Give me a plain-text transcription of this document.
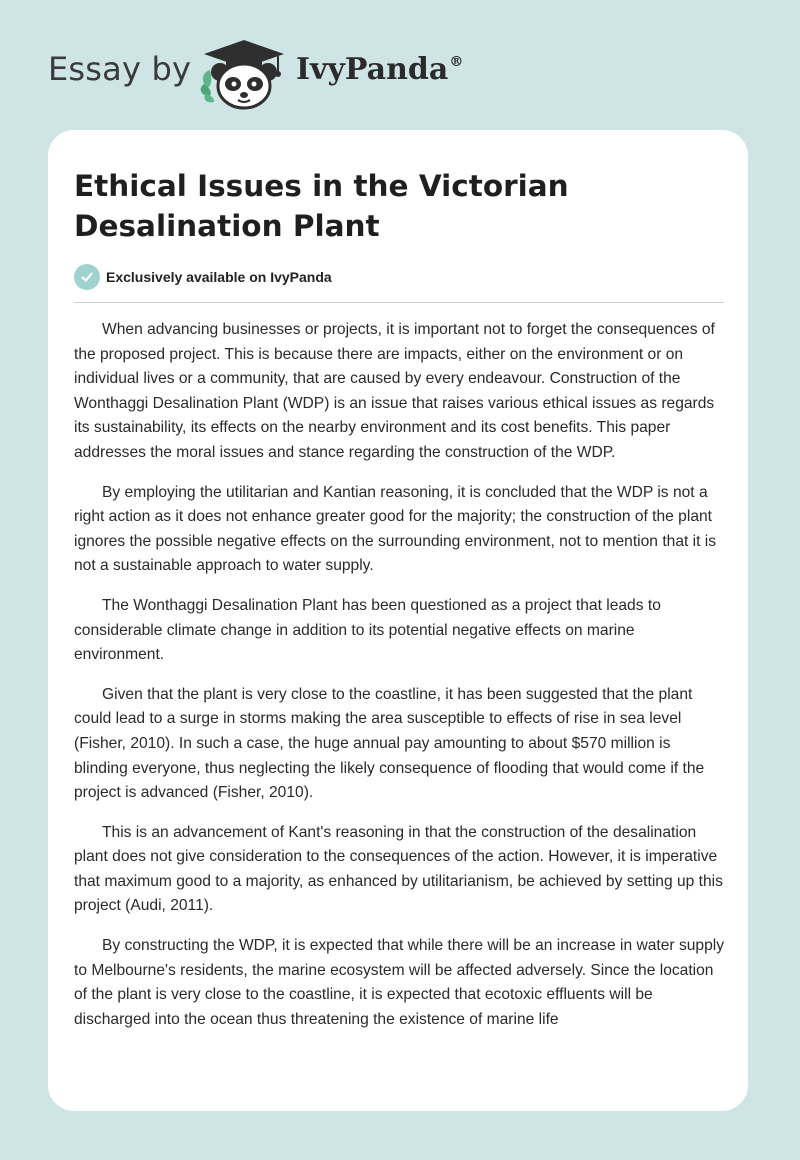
Essay by	IvyPanda®
Ethical Issues in the Victorian Desalination Plant
Exclusively available on IvyPanda

When advancing businesses or projects, it is important not to forget the consequences of the proposed project. This is because there are impacts, either on the environment or on individual lives or a community, that are caused by every endeavour. Construction of the Wonthaggi Desalination Plant (WDP) is an issue that raises various ethical issues as regards its sustainability, its effects on the nearby environment and its cost benefits. This paper addresses the moral issues and stance regarding the construction of the WDP.

By employing the utilitarian and Kantian reasoning, it is concluded that the WDP is not a right action as it does not enhance greater good for the majority; the construction of the plant ignores the possible negative effects on the surrounding environment, not to mention that it is not a sustainable approach to water supply.

The Wonthaggi Desalination Plant has been questioned as a project that leads to considerable climate change in addition to its potential negative effects on marine environment.

Given that the plant is very close to the coastline, it has been suggested that the plant could lead to a surge in storms making the area susceptible to effects of rise in sea level (Fisher, 2010). In such a case, the huge annual pay amounting to about $570 million is blinding everyone, thus neglecting the likely consequence of flooding that would come if the project is advanced (Fisher, 2010).

This is an advancement of Kant's reasoning in that the construction of the desalination plant does not give consideration to the consequences of the action. However, it is imperative that maximum good to a majority, as enhanced by utilitarianism, be achieved by setting up this project (Audi, 2011).

By constructing the WDP, it is expected that while there will be an increase in water supply to Melbourne's residents, the marine ecosystem will be affected adversely. Since the location of the plant is very close to the coastline, it is expected that ecotoxic effluents will be discharged into the ocean thus threatening the existence of marine life
